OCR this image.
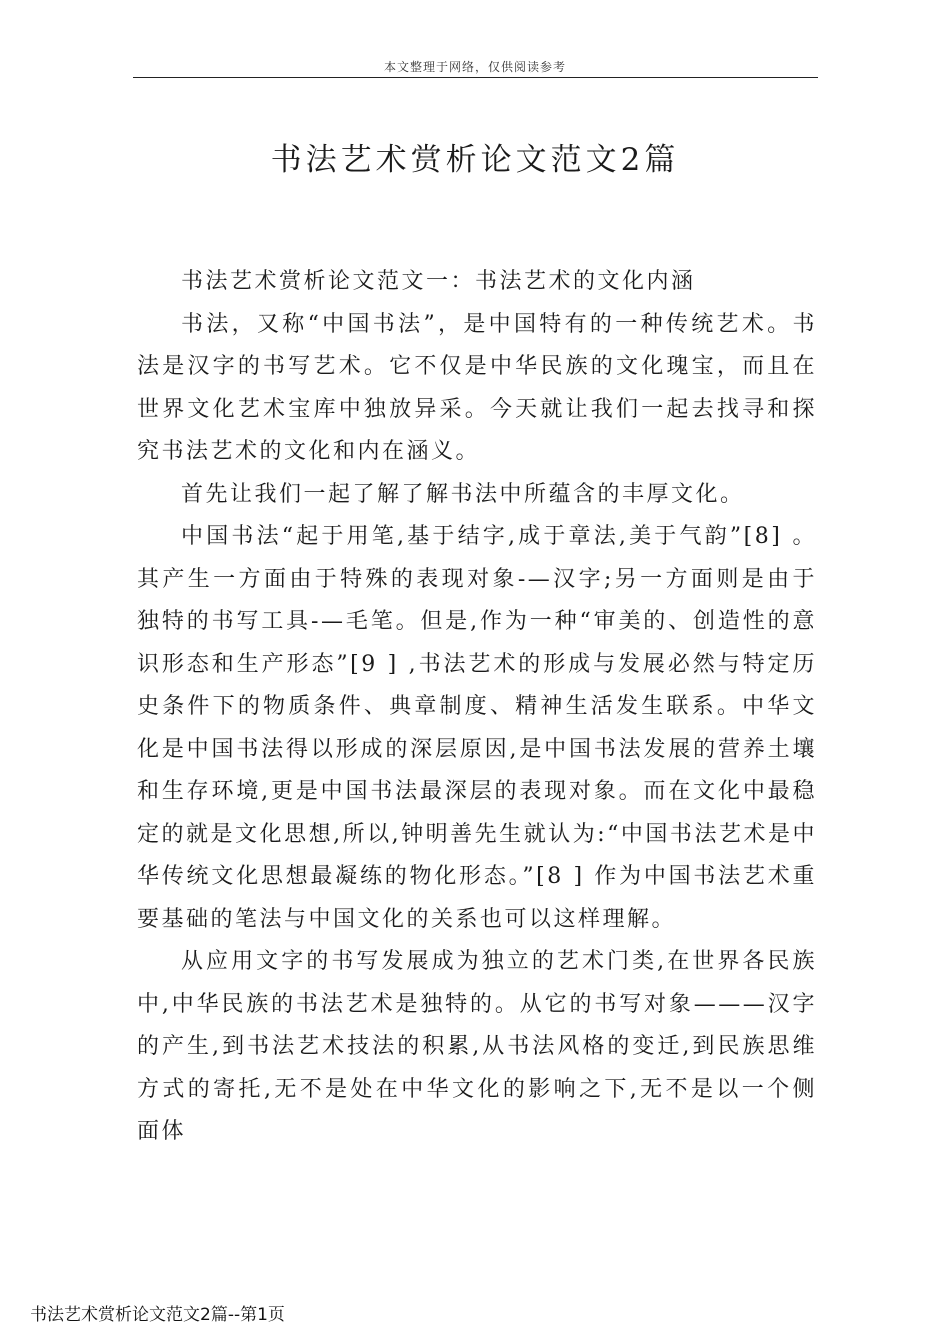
本文整理于网络，仅供阅读参考
书法艺术赏析论文范文2篇

书法艺术赏析论文范文一：书法艺术的文化内涵

书法，又称“中国书法”，是中国特有的一种传统艺术。书法是汉字的书写艺术。它不仅是中华民族的文化瑰宝，而且在世界文化艺术宝库中独放异采。今天就让我们一起去找寻和探究书法艺术的文化和内在涵义。

首先让我们一起了解了解书法中所蕴含的丰厚文化。

中国书法“起于用笔,基于结字,成于章法,美于气韵”[8] 。其产生一方面由于特殊的表现对象-—汉字;另一方面则是由于独特的书写工具-—毛笔。但是,作为一种“审美的、创造性的意识形态和生产形态”[9 ] ,书法艺术的形成与发展必然与特定历史条件下的物质条件、典章制度、精神生活发生联系。中华文化是中国书法得以形成的深层原因,是中国书法发展的营养土壤和生存环境,更是中国书法最深层的表现对象。而在文化中最稳定的就是文化思想,所以,钟明善先生就认为:“中国书法艺术是中华传统文化思想最凝练的物化形态。”[8 ] 作为中国书法艺术重要基础的笔法与中国文化的关系也可以这样理解。

从应用文字的书写发展成为独立的艺术门类,在世界各民族中,中华民族的书法艺术是独特的。从它的书写对象———汉字的产生,到书法艺术技法的积累,从书法风格的变迁,到民族思维方式的寄托,无不是处在中华文化的影响之下,无不是以一个侧面体

书法艺术赏析论文范文2篇--第1页
